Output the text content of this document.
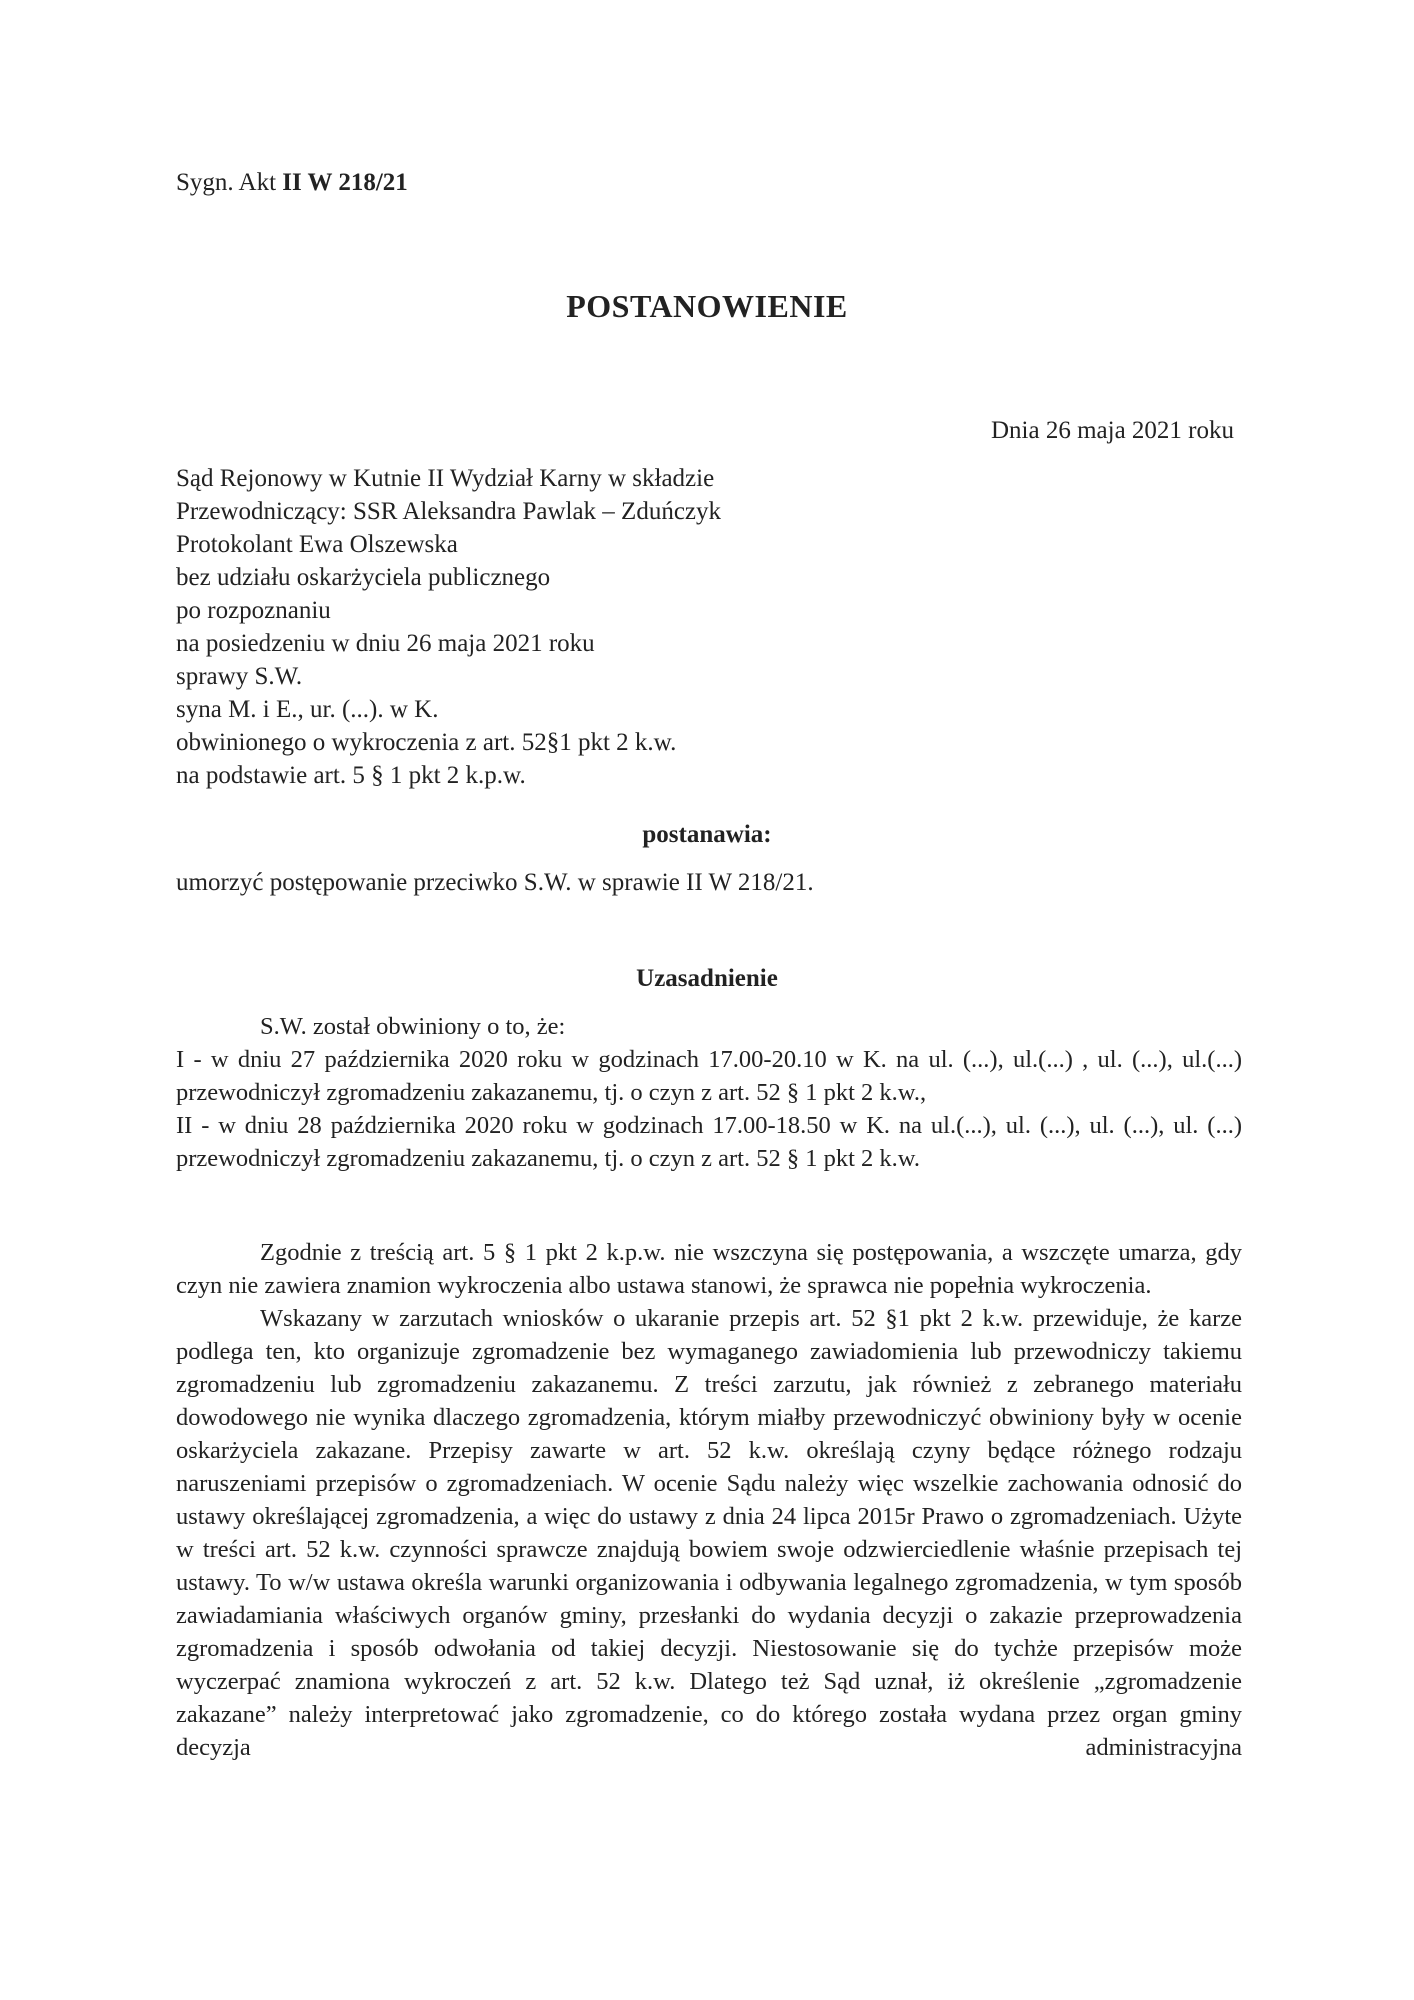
Sygn. Akt II W 218/21
POSTANOWIENIE
Dnia 26 maja 2021 roku
Sąd Rejonowy w Kutnie II Wydział Karny w składzie
Przewodniczący: SSR Aleksandra Pawlak – Zduńczyk
Protokolant Ewa Olszewska
bez udziału oskarżyciela publicznego
po rozpoznaniu
na posiedzeniu w dniu 26 maja 2021 roku
sprawy S.W.
syna M. i E., ur. (...). w K.
obwinionego o wykroczenia z art. 52§1 pkt 2 k.w.
na podstawie art. 5 § 1 pkt 2 k.p.w.
postanawia:
umorzyć postępowanie przeciwko S.W. w sprawie II W 218/21.
Uzasadnienie

S.W. został obwiniony o to, że:

I - w dniu 27 października 2020 roku w godzinach 17.00-20.10 w K. na ul. (...), ul.(...) , ul. (...), ul.(...) przewodniczył zgromadzeniu zakazanemu, tj. o czyn z art. 52 § 1 pkt 2 k.w.,

II - w dniu 28 października 2020 roku w godzinach 17.00-18.50 w K. na ul.(...), ul. (...), ul. (...), ul. (...) przewodniczył zgromadzeniu zakazanemu, tj. o czyn z art. 52 § 1 pkt 2 k.w.

Zgodnie z treścią art. 5 § 1 pkt 2 k.p.w. nie wszczyna się postępowania, a wszczęte umarza, gdy czyn nie zawiera znamion wykroczenia albo ustawa stanowi, że sprawca nie popełnia wykroczenia.

Wskazany w zarzutach wniosków o ukaranie przepis art. 52 §1 pkt 2 k.w. przewiduje, że karze podlega ten, kto organizuje zgromadzenie bez wymaganego zawiadomienia lub przewodniczy takiemu zgromadzeniu lub zgromadzeniu zakazanemu. Z treści zarzutu, jak również z zebranego materiału dowodowego nie wynika dlaczego zgromadzenia, którym miałby przewodniczyć obwiniony były w ocenie oskarżyciela zakazane. Przepisy zawarte w art. 52 k.w. określają czyny będące różnego rodzaju naruszeniami przepisów o zgromadzeniach. W ocenie Sądu należy więc wszelkie zachowania odnosić do ustawy określającej zgromadzenia, a więc do ustawy z dnia 24 lipca 2015r Prawo o zgromadzeniach. Użyte w treści art. 52 k.w. czynności sprawcze znajdują bowiem swoje odzwierciedlenie właśnie przepisach tej ustawy. To w/w ustawa określa warunki organizowania i odbywania legalnego zgromadzenia, w tym sposób zawiadamiania właściwych organów gminy, przesłanki do wydania decyzji o zakazie przeprowadzenia zgromadzenia i sposób odwołania od takiej decyzji. Niestosowanie się do tychże przepisów może wyczerpać znamiona wykroczeń z art. 52 k.w. Dlatego też Sąd uznał, iż określenie „zgromadzenie zakazane” należy interpretować jako zgromadzenie, co do którego została wydana przez organ gminy decyzja administracyjna
